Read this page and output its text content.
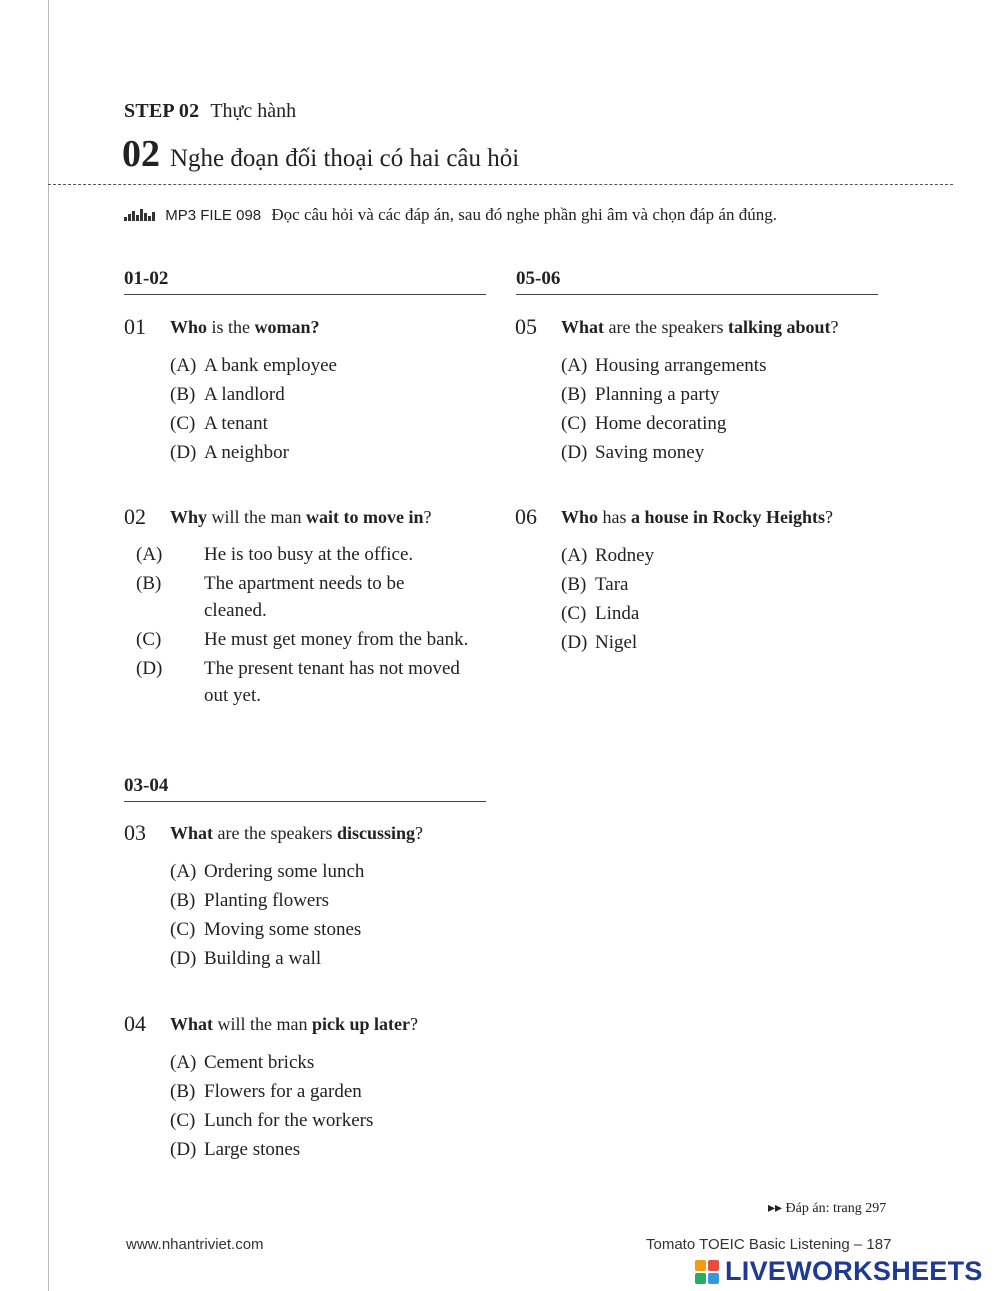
STEP 02 Thực hành
02 Nghe đoạn đối thoại có hai câu hỏi
MP3 FILE 098 Đọc câu hỏi và các đáp án, sau đó nghe phần ghi âm và chọn đáp án đúng.
01-02
03-04
05-06
01 Who is the woman?
(A) A bank employee
(B) A landlord
(C) A tenant
(D) A neighbor
02 Why will the man wait to move in?
(A) He is too busy at the office.
(B) The apartment needs to be cleaned.
(C) He must get money from the bank.
(D) The present tenant has not moved out yet.
03 What are the speakers discussing?
(A) Ordering some lunch
(B) Planting flowers
(C) Moving some stones
(D) Building a wall
04 What will the man pick up later?
(A) Cement bricks
(B) Flowers for a garden
(C) Lunch for the workers
(D) Large stones
05 What are the speakers talking about?
(A) Housing arrangements
(B) Planning a party
(C) Home decorating
(D) Saving money
06 Who has a house in Rocky Heights?
(A) Rodney
(B) Tara
(C) Linda
(D) Nigel
▸▸ Đáp án: trang 297
www.nhantriviet.com	Tomato TOEIC Basic Listening – 187
LIVEWORKSHEETS
